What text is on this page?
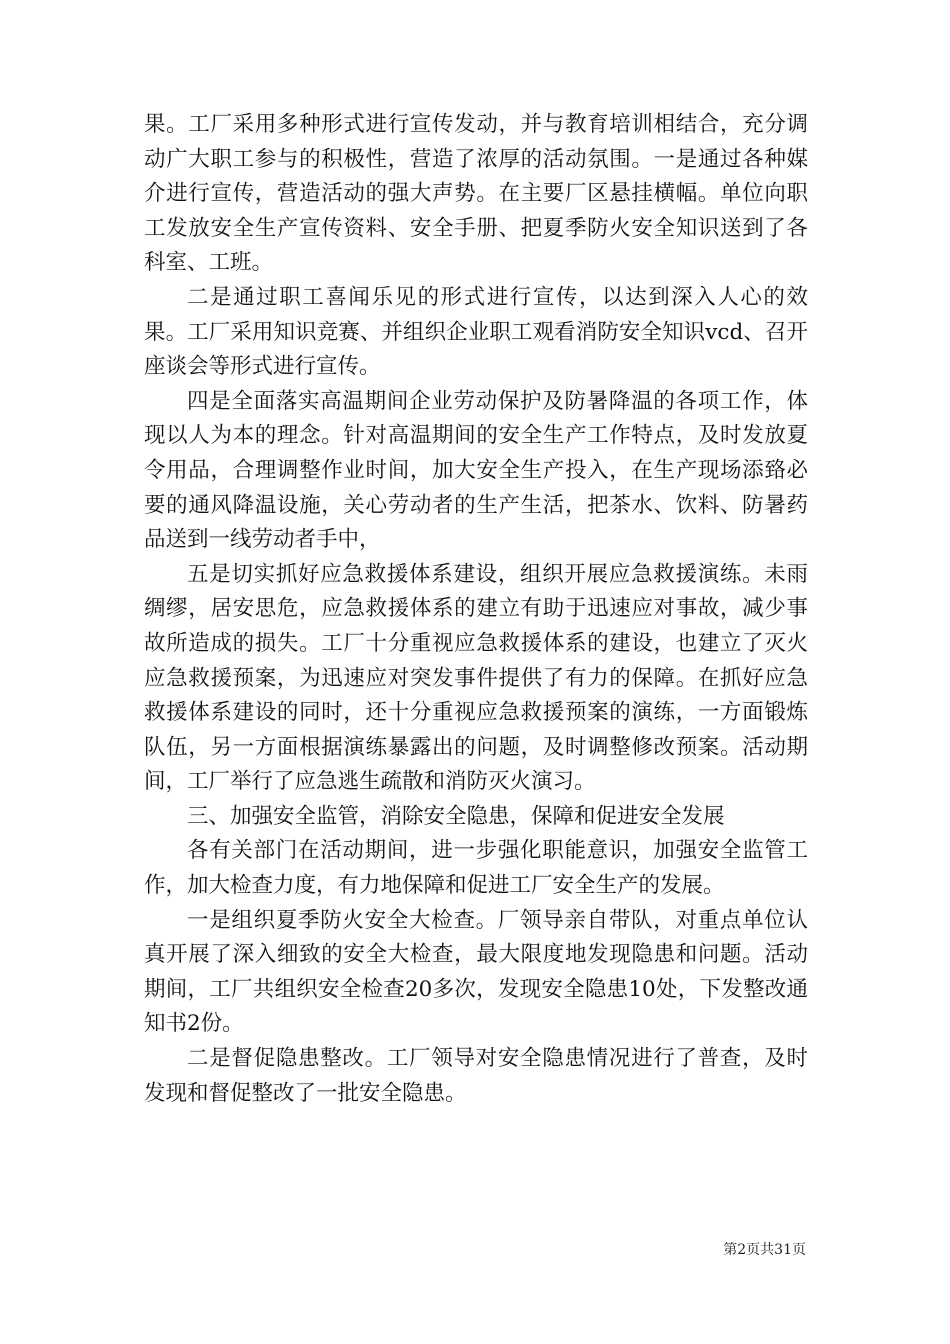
果。工厂采用多种形式进行宣传发动，并与教育培训相结合，充分调动广大职工参与的积极性，营造了浓厚的活动氛围。一是通过各种媒介进行宣传，营造活动的强大声势。在主要厂区悬挂横幅。单位向职工发放安全生产宣传资料、安全手册、把夏季防火安全知识送到了各科室、工班。

二是通过职工喜闻乐见的形式进行宣传，以达到深入人心的效果。工厂采用知识竞赛、并组织企业职工观看消防安全知识vcd、召开座谈会等形式进行宣传。

四是全面落实高温期间企业劳动保护及防暑降温的各项工作，体现以人为本的理念。针对高温期间的安全生产工作特点，及时发放夏令用品，合理调整作业时间，加大安全生产投入，在生产现场添臵必要的通风降温设施，关心劳动者的生产生活，把茶水、饮料、防暑药品送到一线劳动者手中，

五是切实抓好应急救援体系建设，组织开展应急救援演练。未雨绸缪，居安思危，应急救援体系的建立有助于迅速应对事故，减少事故所造成的损失。工厂十分重视应急救援体系的建设，也建立了灭火应急救援预案，为迅速应对突发事件提供了有力的保障。在抓好应急救援体系建设的同时，还十分重视应急救援预案的演练，一方面锻炼队伍，另一方面根据演练暴露出的问题，及时调整修改预案。活动期间，工厂举行了应急逃生疏散和消防灭火演习。

三、加强安全监管，消除安全隐患，保障和促进安全发展

各有关部门在活动期间，进一步强化职能意识，加强安全监管工作，加大检查力度，有力地保障和促进工厂安全生产的发展。

一是组织夏季防火安全大检查。厂领导亲自带队，对重点单位认真开展了深入细致的安全大检查，最大限度地发现隐患和问题。活动期间，工厂共组织安全检查20多次，发现安全隐患10处，下发整改通知书2份。

二是督促隐患整改。工厂领导对安全隐患情况进行了普查，及时发现和督促整改了一批安全隐患。

第2页共31页
